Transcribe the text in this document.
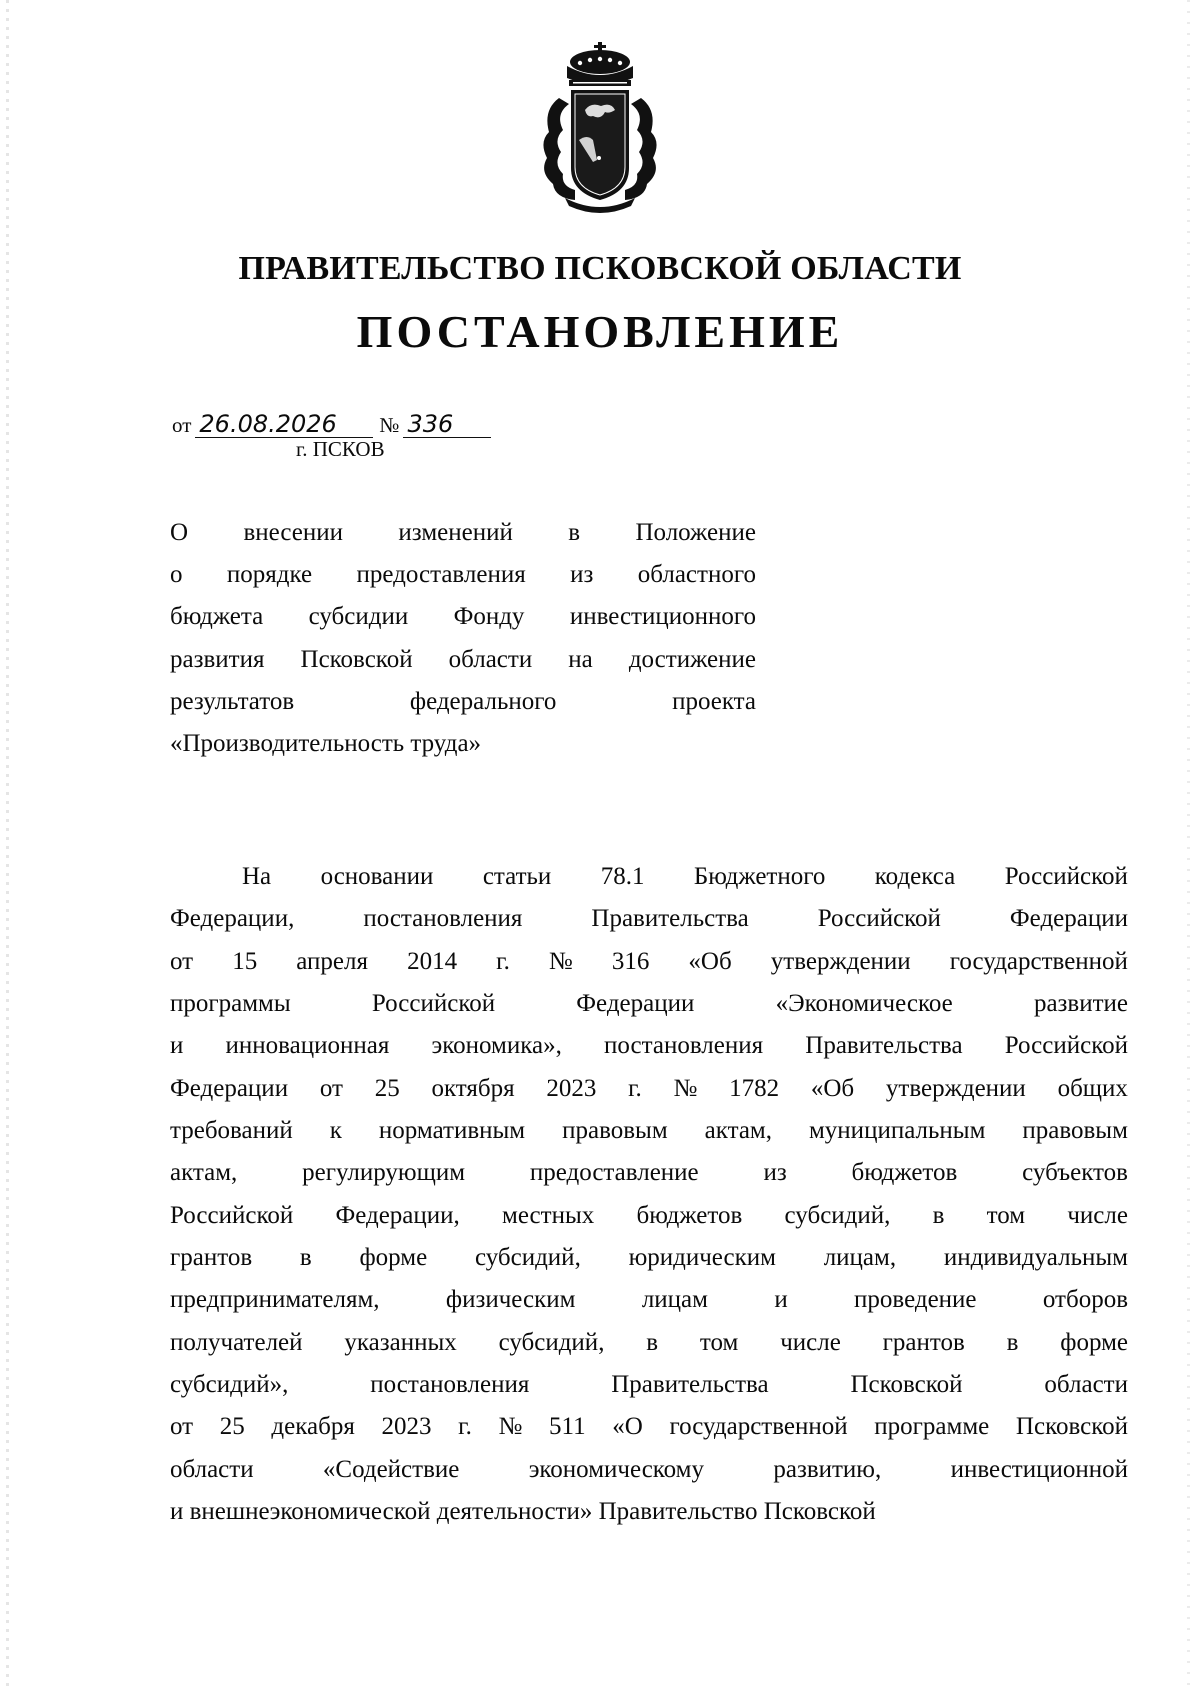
ПРАВИТЕЛЬСТВО ПСКОВСКОЙ ОБЛАСТИ
ПОСТАНОВЛЕНИЕ
от 26.08.2026 № 336
г. ПСКОВ
О внесении изменений в Положение
о порядке предоставления из областного
бюджета субсидии Фонду инвестиционного
развития Псковской области на достижение
результатов	федерального	проекта
«Производительность труда»
На основании статьи 78.1 Бюджетного кодекса Российской
Федерации,	постановления	Правительства	Российской	Федерации
от 15 апреля 2014 г. № 316 «Об утверждении государственной
программы	Российской	Федерации	«Экономическое	развитие
и инновационная экономика», постановления Правительства Российской
Федерации от 25 октября 2023 г. № 1782 «Об утверждении общих
требований к нормативным правовым актам, муниципальным правовым
актам,	регулирующим	предоставление	из	бюджетов	субъектов
Российской Федерации, местных бюджетов субсидий, в том числе
грантов в форме субсидий, юридическим лицам, индивидуальным
предпринимателям,	физическим	лицам	и	проведение	отборов
получателей указанных субсидий, в том числе грантов в форме
субсидий»,	постановления	Правительства	Псковской	области
от 25 декабря 2023 г. № 511 «О государственной программе Псковской
области	«Содействие	экономическому	развитию,	инвестиционной
и внешнеэкономической деятельности» Правительство Псковской
